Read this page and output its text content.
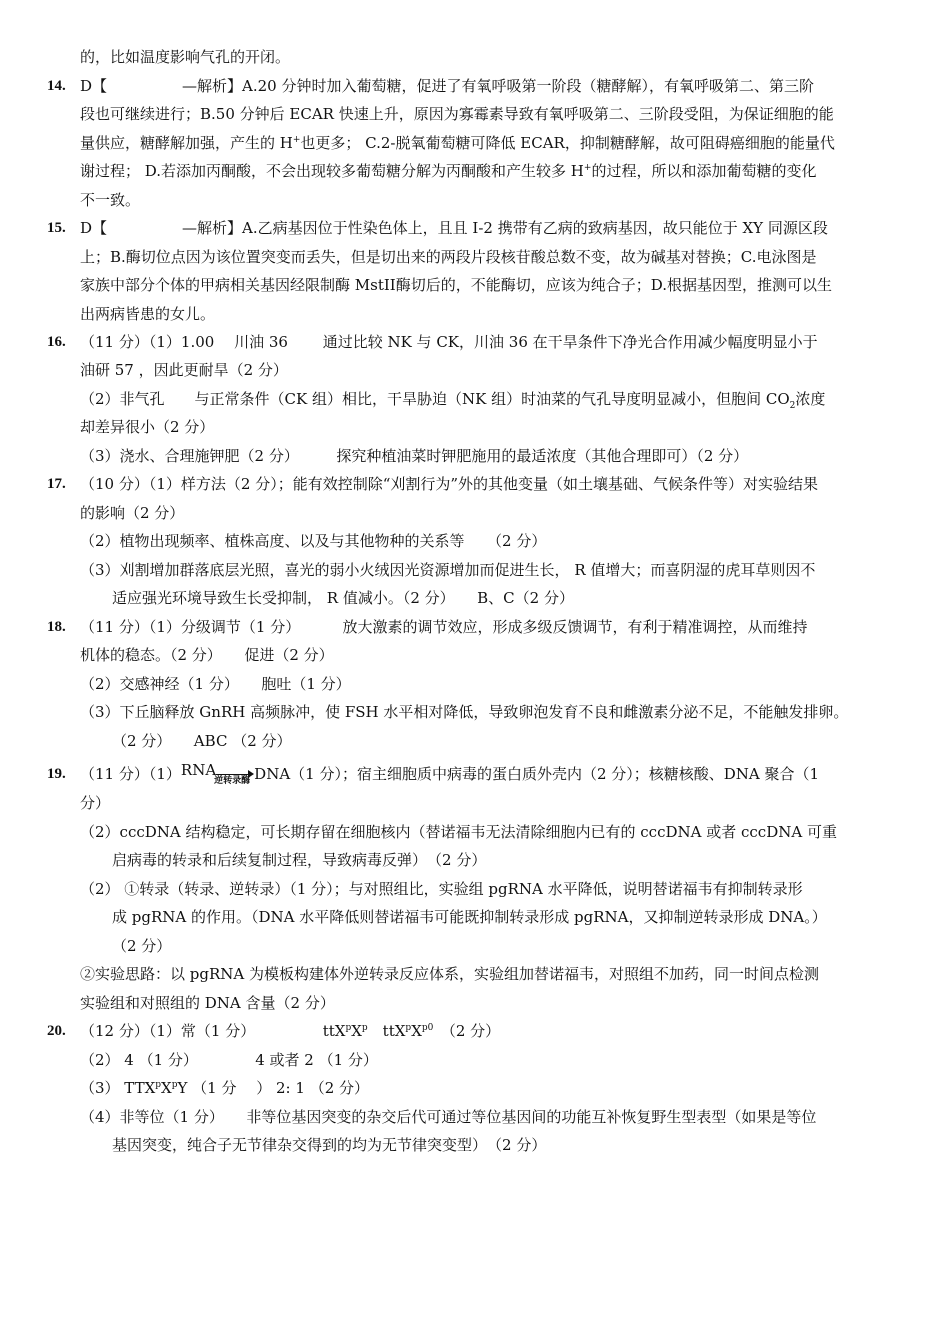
的，比如温度影响气孔的开闭。
14. D【　　　　　—解析】A.20 分钟时加入葡萄糖，促进了有氧呼吸第一阶段（糖酵解），有氧呼吸第二、第三阶
段也可继续进行；B.50 分钟后 ECAR 快速上升，原因为寡霉素导致有氧呼吸第二、三阶段受阻，为保证细胞的能
量供应，糖酵解加强，产生的 H+也更多； C.2-脱氧葡萄糖可降低 ECAR，抑制糖酵解，故可阻碍癌细胞的能量代
谢过程； D.若添加丙酮酸，不会出现较多葡萄糖分解为丙酮酸和产生较多 H+的过程，所以和添加葡萄糖的变化
不一致。
15. D【　　　　　—解析】A.乙病基因位于性染色体上，且且 I-2 携带有乙病的致病基因，故只能位于 XY 同源区段
上；B.酶切位点因为该位置突变而丢失，但是切出来的两段片段核苷酸总数不变，故为碱基对替换；C.电泳图是
家族中部分个体的甲病相关基因经限制酶 MstII酶切后的，不能酶切，应该为纯合子；D.根据基因型，推测可以生
出两病皆患的女儿。
16. （11 分）（1）1.00　 川油 36　　 通过比较 NK 与 CK，川油 36 在干旱条件下净光合作用减少幅度明显小于
油研 57 ，因此更耐旱（2 分）
（2）非气孔　　与正常条件（CK 组）相比，干旱胁迫（NK 组）时油菜的气孔导度明显减小，但胞间 $CO_2$浓度
却差异很小（2 分）
（3）浇水、合理施钾肥（2 分）　　　探究种植油菜时钾肥施用的最适浓度（其他合理即可）（2 分）
17. （10 分）（1）样方法（2 分）；能有效控制除“刈割行为”外的其他变量（如土壤基础、气候条件等）对实验结果
的影响（2 分）
（2）植物出现频率、植株高度、以及与其他物种的关系等　　（2 分）
（3）刈割增加群落底层光照，喜光的弱小火绒因光资源增加而促进生长， R 值增大；而喜阴湿的虎耳草则因不
适应强光环境导致生长受抑制， R 值减小。（2 分）　　B、C（2 分）
18. （11 分）（1）分级调节（1 分）　　　 放大激素的调节效应，形成多级反馈调节，有利于精准调控，从而维持
机体的稳态。（2 分）　　促进（2 分）
（2）交感神经（1 分）　　胞吐（1 分）
（3）下丘脑释放 GnRH 高频脉冲，使 FSH 水平相对降低，导致卵泡发育不良和雌激素分泌不足，不能触发排卵。
（2 分）　　ABC （2 分）
19. （11 分）（1）RNA
逆转录酶 DNA（1 分）；宿主细胞质中病毒的蛋白质外壳内（2 分）；核糖核酸、DNA 聚合（1
分）
（2）cccDNA 结构稳定，可长期存留在细胞核内（替诺福韦无法清除细胞内已有的 cccDNA 或者 cccDNA 可重
启病毒的转录和后续复制过程，导致病毒反弹）　（2 分）
（2） ①转录（转录、逆转录）（1 分）；与对照组比，实验组 pgRNA 水平降低，说明替诺福韦有抑制转录形
成 pgRNA 的作用。（DNA 水平降低则替诺福韦可能既抑制转录形成 pgRNA，又抑制逆转录形成 DNA。）
（2 分）
②实验思路：以 pgRNA 为模板构建体外逆转录反应体系，实验组加替诺福韦，对照组不加药，同一时间点检测
实验组和对照组的 DNA 含量（2 分）
20. （12 分）（1）常（1 分）　　　　　$ttX^pX^p$　$ttX^pX^{p0}$　（2 分）
（2） 4 （1 分）　　　　 4 或者 2 （1 分）
（3） $TTX^pX^pY$ （1 分　 ） 2: 1 （2 分）
（4）非等位（1 分）　　非等位基因突变的杂交后代可通过等位基因间的功能互补恢复野生型表型（如果是等位
基因突变，纯合子无节律杂交得到的均为无节律突变型）　（2 分）
